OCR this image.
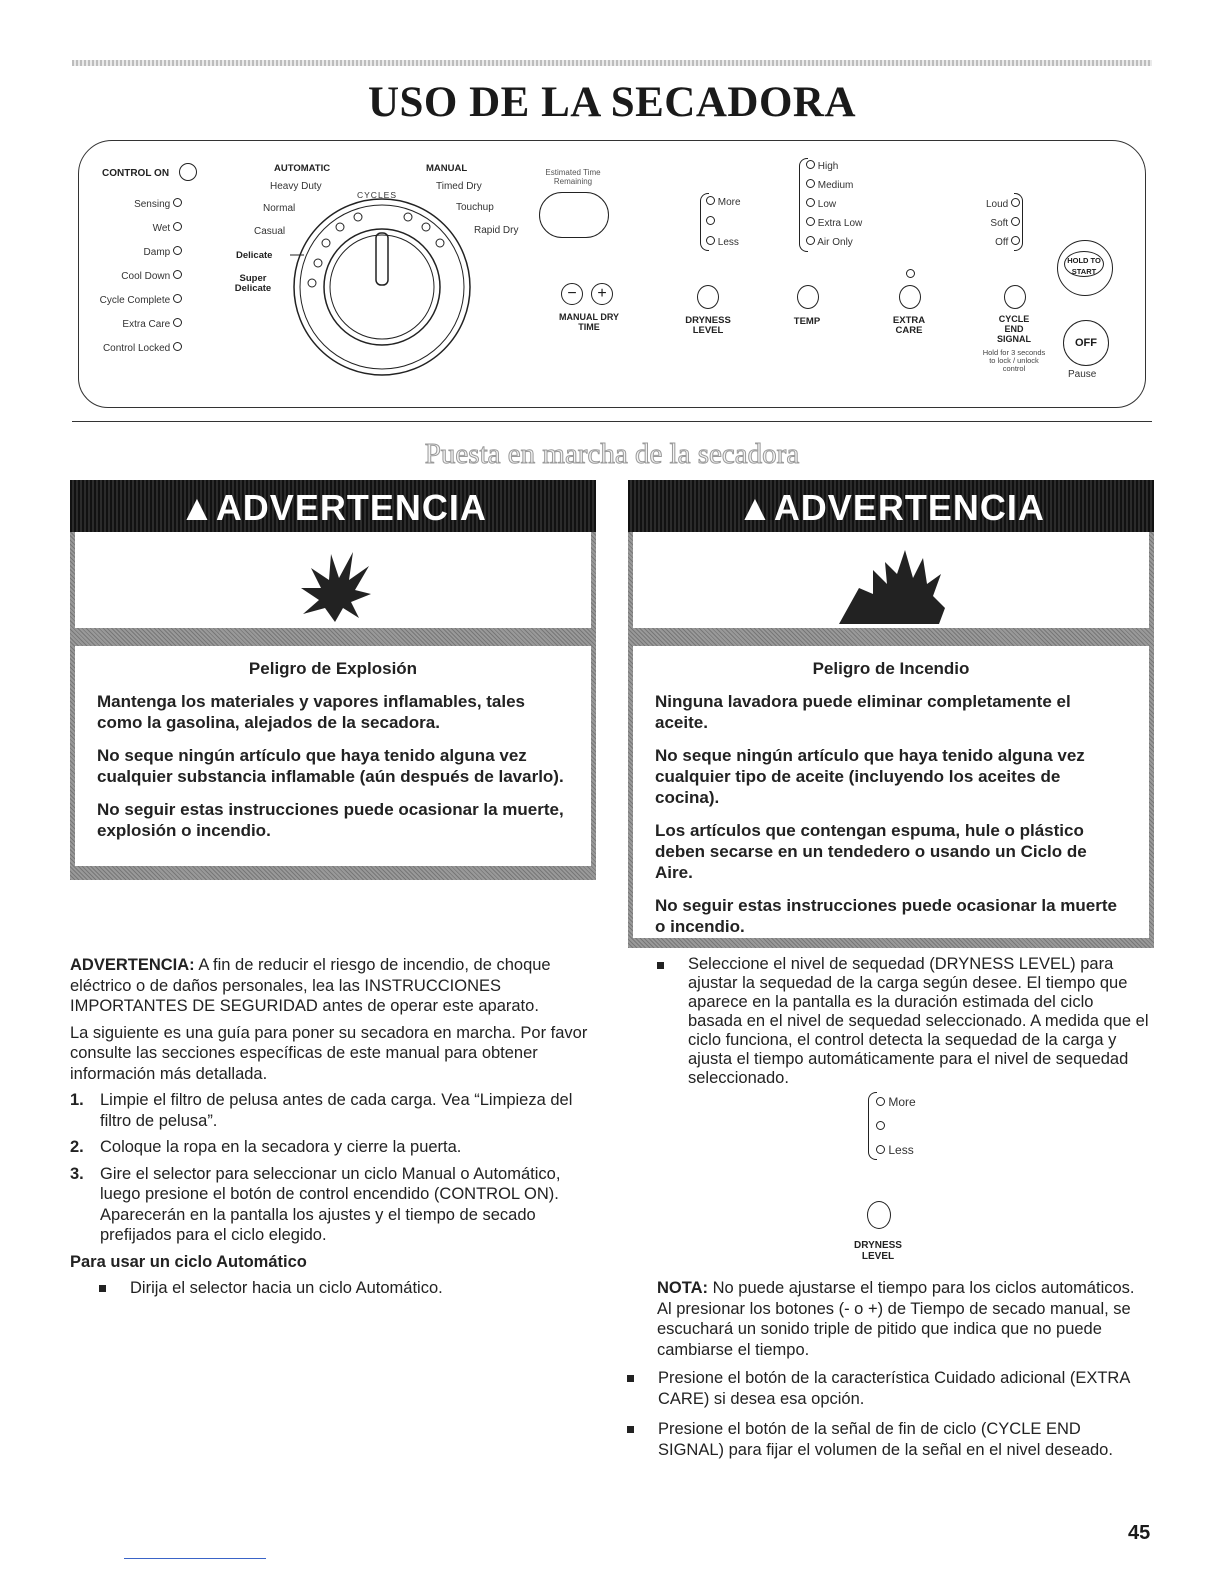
USO DE LA SECADORA
CONTROL ON
Sensing
Wet
Damp
Cool Down
Cycle Complete
Extra Care
Control Locked
AUTOMATIC	MANUAL
CYCLES
Heavy Duty
Normal
Casual
Delicate
Super Delicate
Timed Dry
Touchup
Rapid Dry
Estimated Time Remaining
−	+
MANUAL DRY TIME
More
Less
DRYNESS LEVEL
High
Medium
Low
Extra Low
Air Only
TEMP	EXTRA CARE
Loud
Soft
Off
CYCLE END SIGNAL
Hold for 3 seconds to lock / unlock control
HOLD TO START
OFF
Pause
Puesta en marcha de la secadora
▲ADVERTENCIA
Peligro de Explosión

Mantenga los materiales y vapores inflamables, tales como la gasolina, alejados de la secadora.

No seque ningún artículo que haya tenido alguna vez cualquier substancia inflamable (aún después de lavarlo).

No seguir estas instrucciones puede ocasionar la muerte, explosión o incendio.

▲ADVERTENCIA
Peligro de Incendio

Ninguna lavadora puede eliminar completamente el aceite.

No seque ningún artículo que haya tenido alguna vez cualquier tipo de aceite (incluyendo los aceites de cocina).

Los artículos que contengan espuma, hule o plástico deben secarse en un tendedero o usando un Ciclo de Aire.

No seguir estas instrucciones puede ocasionar la muerte o incendio.

ADVERTENCIA: A fin de reducir el riesgo de incendio, de choque eléctrico o de daños personales, lea las INSTRUCCIONES IMPORTANTES DE SEGURIDAD antes de operar este aparato.

La siguiente es una guía para poner su secadora en marcha. Por favor consulte las secciones específicas de este manual para obtener información más detallada.

1. Limpie el filtro de pelusa antes de cada carga. Vea “Limpieza del filtro de pelusa”.
2. Coloque la ropa en la secadora y cierre la puerta.
3. Gire el selector para seleccionar un ciclo Manual o Automático, luego presione el botón de control encendido (CONTROL ON). Aparecerán en la pantalla los ajustes y el tiempo de secado prefijados para el ciclo elegido.
Para usar un ciclo Automático
Dirija el selector hacia un ciclo Automático.
Seleccione el nivel de sequedad (DRYNESS LEVEL) para ajustar la sequedad de la carga según desee. El tiempo que aparece en la pantalla es la duración estimada del ciclo basada en el nivel de sequedad seleccionado. A medida que el ciclo funciona, el control detecta la sequedad de la carga y ajusta el tiempo automáticamente para el nivel de sequedad seleccionado.
More
Less
DRYNESS
LEVEL

NOTA: No puede ajustarse el tiempo para los ciclos automáticos. Al presionar los botones (- o +) de Tiempo de secado manual, se escuchará un sonido triple de pitido que indica que no puede cambiarse el tiempo.

Presione el botón de la característica Cuidado adicional (EXTRA CARE) si desea esa opción.
Presione el botón de la señal de fin de ciclo (CYCLE END SIGNAL) para fijar el volumen de la señal en el nivel deseado.
45
